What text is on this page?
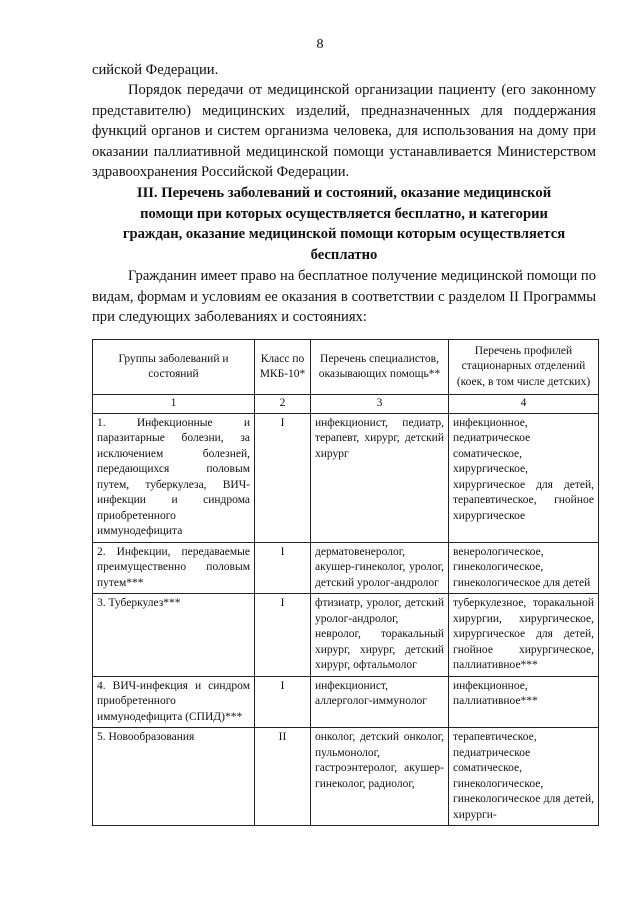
8

сийской Федерации.

Порядок передачи от медицинской организации пациенту (его законному представителю) медицинских изделий, предназначенных для поддержания функций органов и систем организма человека, для использования на дому при оказании паллиативной медицинской помощи устанавливается Министерством здравоохранения Российской Федерации.

III. Перечень заболеваний и состояний, оказание медицинской помощи при которых осуществляется бесплатно, и категории граждан, оказание медицинской помощи которым осуществляется бесплатно

Гражданин имеет право на бесплатное получение медицинской помощи по видам, формам и условиям ее оказания в соответствии с разделом II Программы при следующих заболеваниях и состояниях:

Группы заболеваний и состояний	Класс по МКБ-10*	Перечень специалистов, оказывающих помощь**	Перечень профилей стационарных отделений (коек, в том числе детских)
1	2	3	4
1. Инфекционные и паразитарные болезни, за исключением болезней, передающихся половым путем, туберкулеза, ВИЧ-инфекции и синдрома приобретенного иммунодефицита	I	инфекционист, педиатр, терапевт, хирург, детский хирург	инфекционное, педиатрическое соматическое, хирургическое, хирургическое для детей, терапевтическое, гнойное хирургическое
2. Инфекции, передаваемые преимущественно половым путем***	I	дерматовенеролог, акушер-гинеколог, уролог, детский уролог-андролог	венерологическое, гинекологическое, гинекологическое для детей
3. Туберкулез***	I	фтизиатр, уролог, детский уролог-андролог, невролог, торакальный хирург, хирург, детский хирург, офтальмолог	туберкулезное, торакальной хирургии, хирургическое, хирургическое для детей, гнойное хирургическое, паллиативное***
4. ВИЧ-инфекция и синдром приобретенного иммунодефицита (СПИД)***	I	инфекционист, аллерголог-иммунолог	инфекционное, паллиативное***
5. Новообразования	II	онколог, детский онколог, пульмонолог, гастроэнтеролог, акушер-гинеколог, радиолог,	терапевтическое, педиатрическое соматическое, гинекологическое, гинекологическое для детей, хирурги-
